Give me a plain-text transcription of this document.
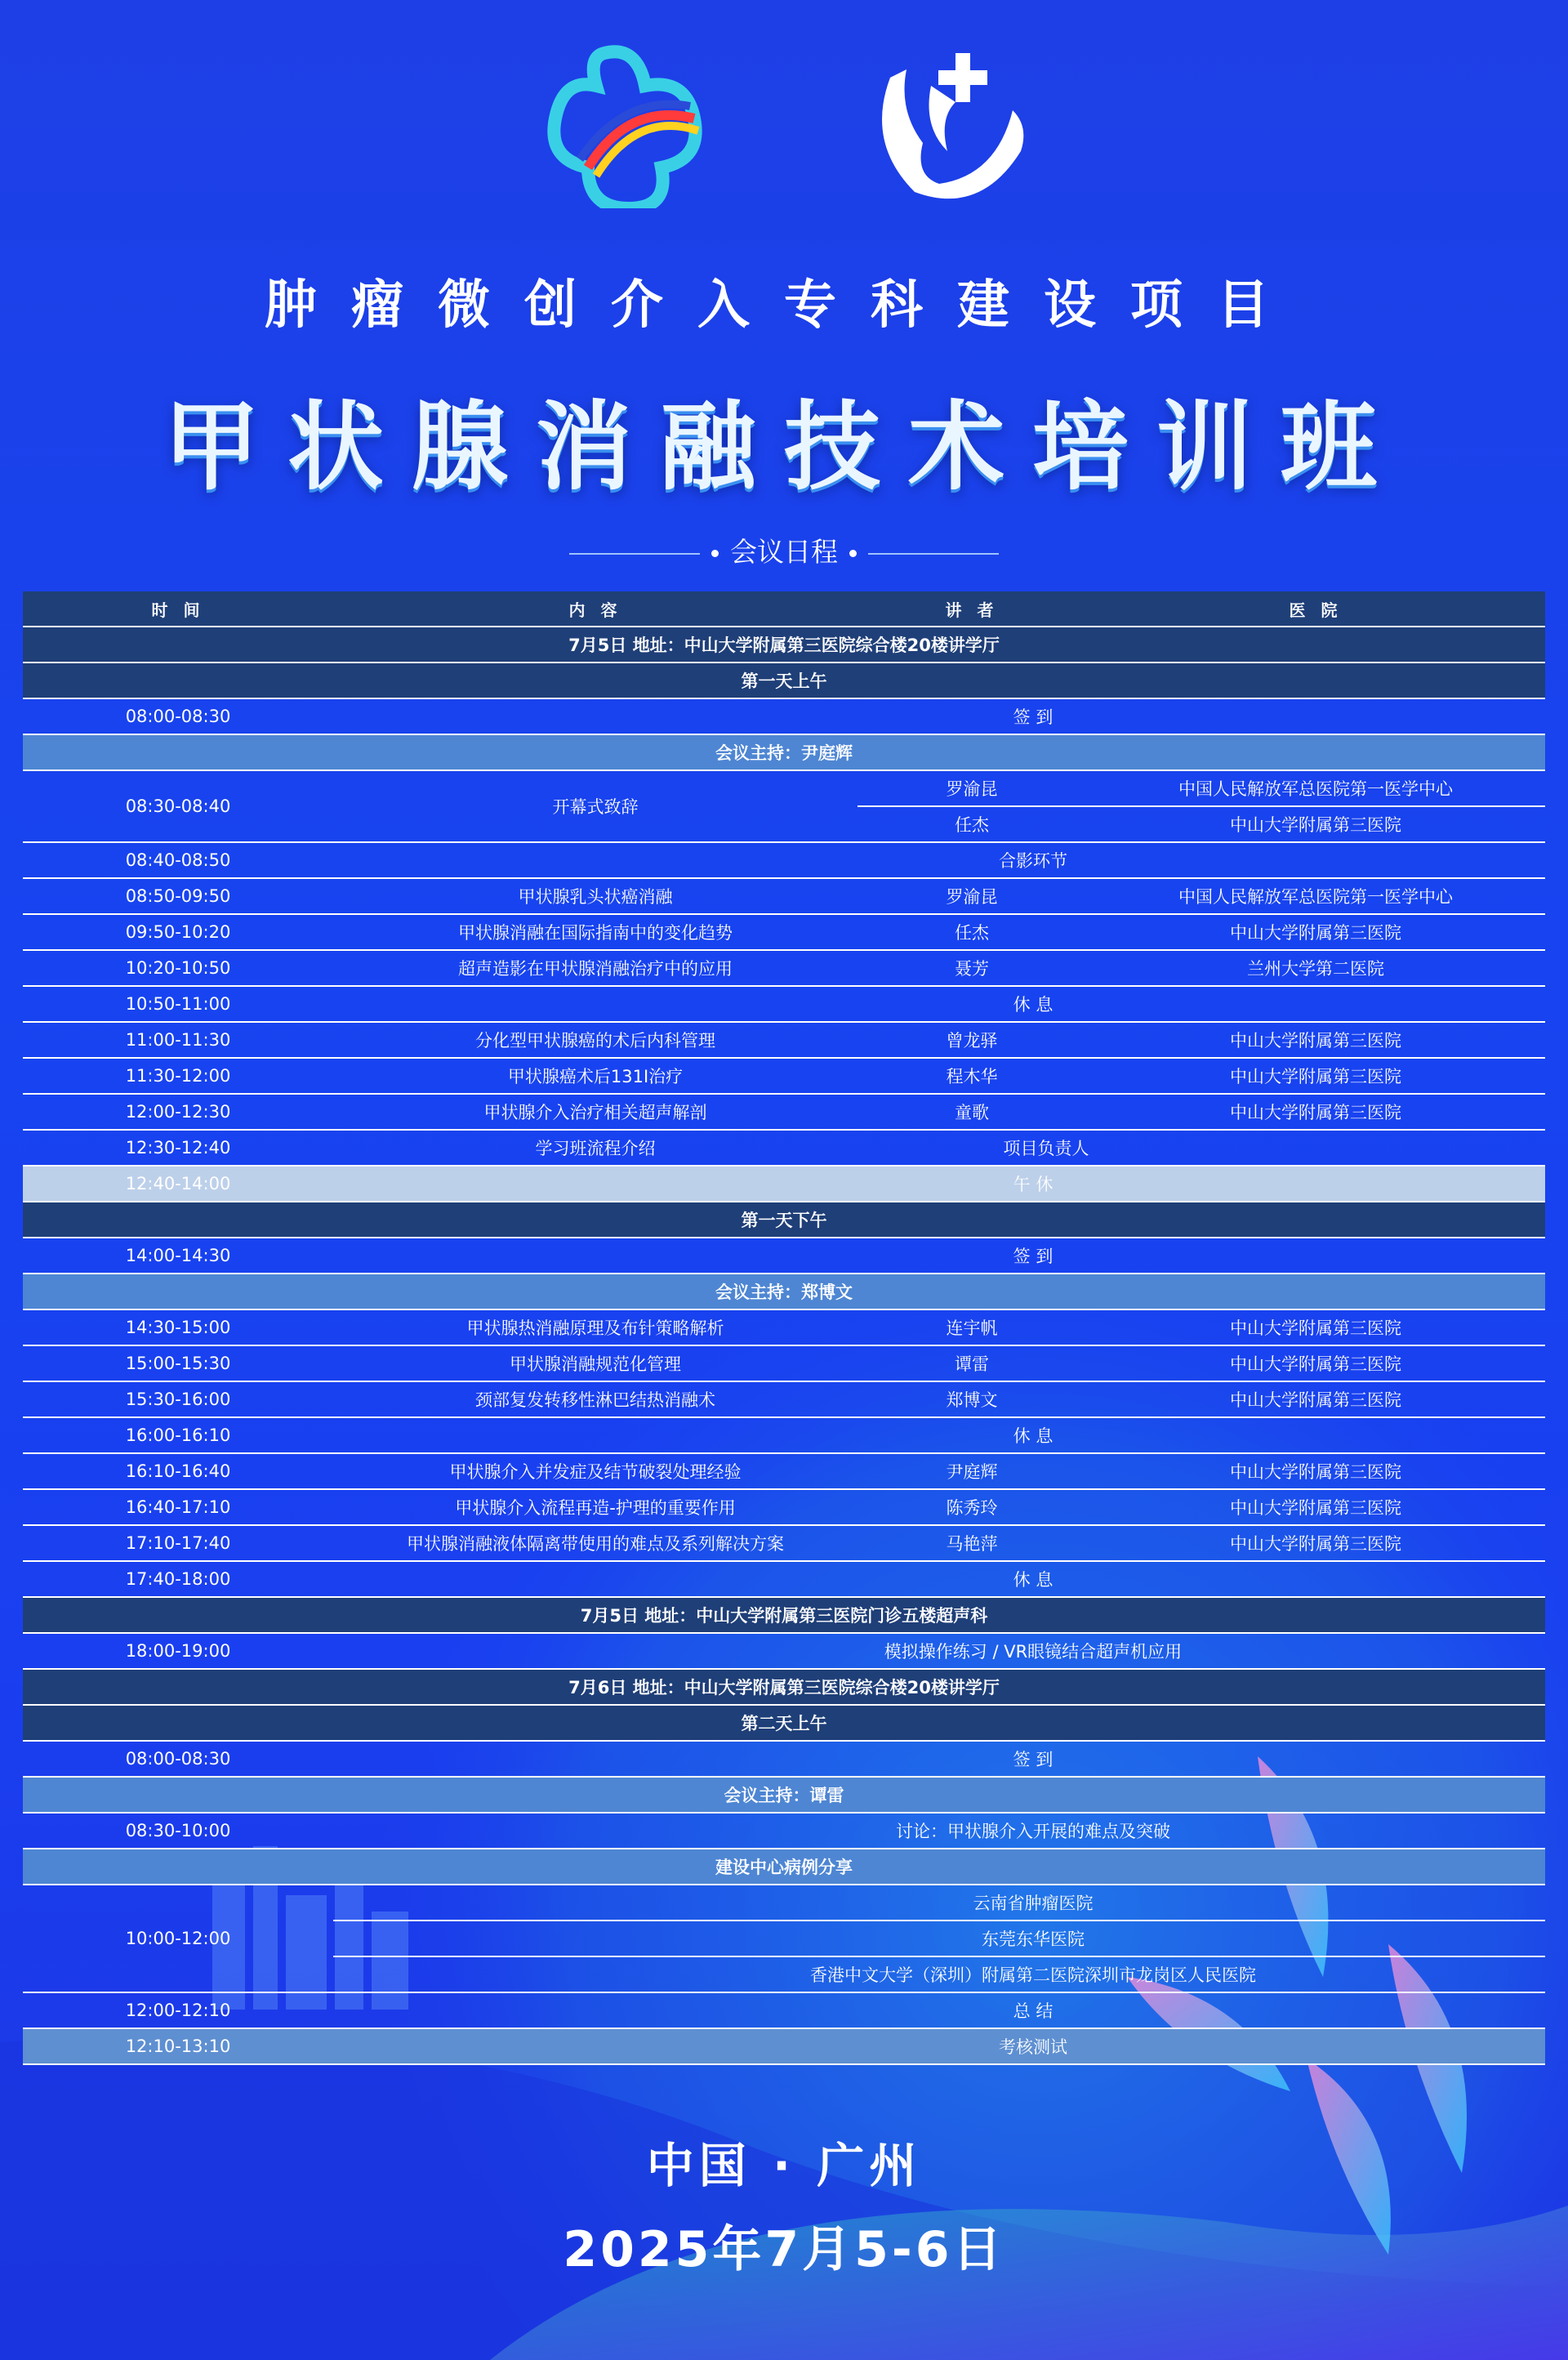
肿瘤微创介入专科建设项目
甲状腺消融技术培训班
会议日程
时 间	内 容	讲 者	医 院
7月5日 地址：中山大学附属第三医院综合楼20楼讲学厅			
第一天上午			
08:00-08:30	签 到		
会议主持：尹庭辉			
08:30-08:40	开幕式致辞	罗渝昆	中国人民解放军总医院第一医学中心
		任杰	中山大学附属第三医院
08:40-08:50	合影环节		
08:50-09:50	甲状腺乳头状癌消融	罗渝昆	中国人民解放军总医院第一医学中心
09:50-10:20	甲状腺消融在国际指南中的变化趋势	任杰	中山大学附属第三医院
10:20-10:50	超声造影在甲状腺消融治疗中的应用	聂芳	兰州大学第二医院
10:50-11:00	休 息		
11:00-11:30	分化型甲状腺癌的术后内科管理	曾龙驿	中山大学附属第三医院
11:30-12:00	甲状腺癌术后131I治疗	程木华	中山大学附属第三医院
12:00-12:30	甲状腺介入治疗相关超声解剖	童歌	中山大学附属第三医院
12:30-12:40	学习班流程介绍	项目负责人	
12:40-14:00	午 休		
第一天下午			
14:00-14:30	签 到		
会议主持：郑博文			
14:30-15:00	甲状腺热消融原理及布针策略解析	连宇帆	中山大学附属第三医院
15:00-15:30	甲状腺消融规范化管理	谭雷	中山大学附属第三医院
15:30-16:00	颈部复发转移性淋巴结热消融术	郑博文	中山大学附属第三医院
16:00-16:10	休 息		
16:10-16:40	甲状腺介入并发症及结节破裂处理经验	尹庭辉	中山大学附属第三医院
16:40-17:10	甲状腺介入流程再造-护理的重要作用	陈秀玲	中山大学附属第三医院
17:10-17:40	甲状腺消融液体隔离带使用的难点及系列解决方案	马艳萍	中山大学附属第三医院
17:40-18:00	休 息		
7月5日 地址：中山大学附属第三医院门诊五楼超声科			
18:00-19:00	模拟操作练习 / VR眼镜结合超声机应用		
7月6日 地址：中山大学附属第三医院综合楼20楼讲学厅			
第二天上午			
08:00-08:30	签 到		
会议主持：谭雷			
08:30-10:00	讨论：甲状腺介入开展的难点及突破		
建设中心病例分享			
10:00-12:00	云南省肿瘤医院		
	东莞东华医院		
	香港中文大学（深圳）附属第二医院深圳市龙岗区人民医院		
12:00-12:10	总 结		
12:10-13:10	考核测试		
中国 · 广州
2025年7月5-6日
